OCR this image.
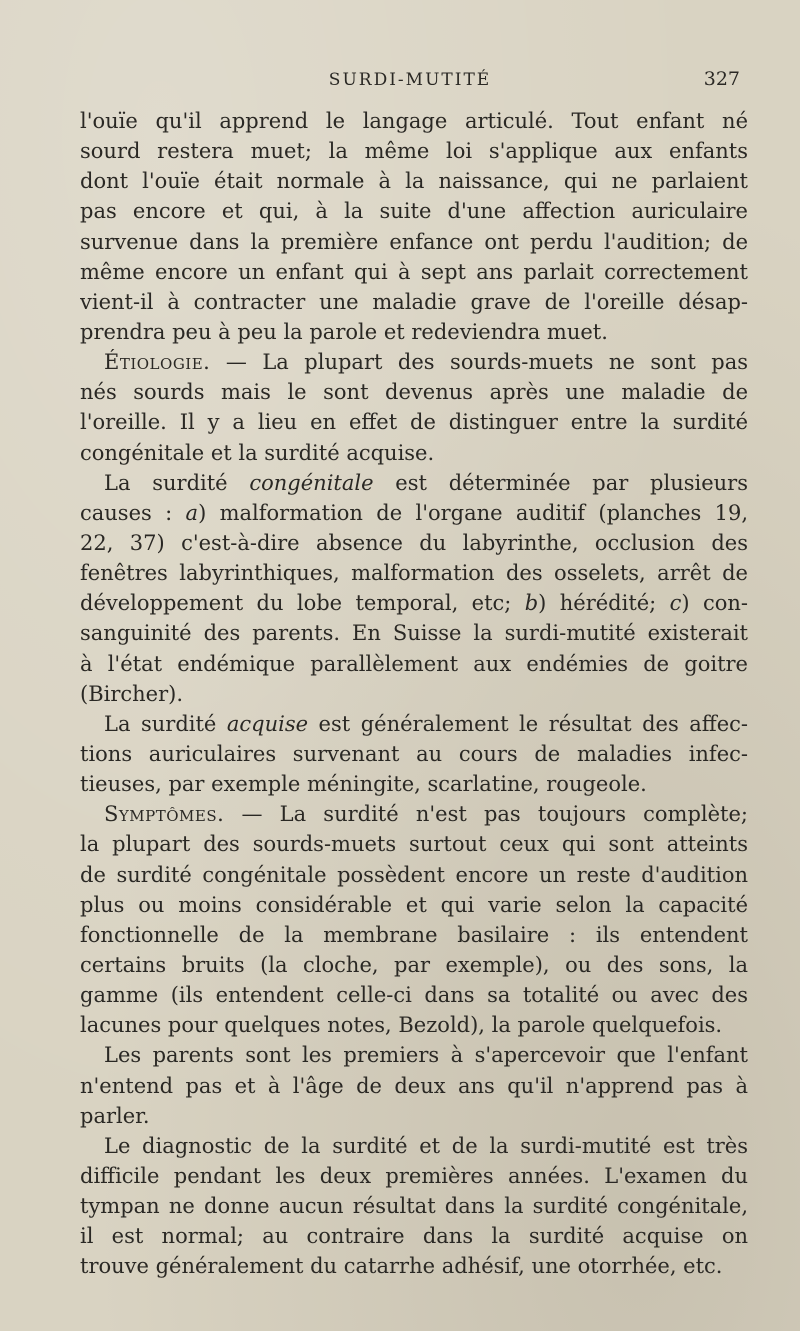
SURDI-MUTITÉ	327
l'ouïe qu'il apprend le langage articulé. Tout enfant né
sourd restera muet; la même loi s'applique aux enfants
dont l'ouïe était normale à la naissance, qui ne parlaient
pas encore et qui, à la suite d'une affection auriculaire
survenue dans la première enfance ont perdu l'audition; de
même encore un enfant qui à sept ans parlait correctement
vient-il à contracter une maladie grave de l'oreille désap-
prendra peu à peu la parole et redeviendra muet.
Étiologie. — La plupart des sourds-muets ne sont pas
nés sourds mais le sont devenus après une maladie de
l'oreille. Il y a lieu en effet de distinguer entre la surdité
congénitale et la surdité acquise.
La surdité congénitale est déterminée par plusieurs
causes : a) malformation de l'organe auditif (planches 19,
22, 37) c'est-à-dire absence du labyrinthe, occlusion des
fenêtres labyrinthiques, malformation des osselets, arrêt de
développement du lobe temporal, etc; b) hérédité; c) con-
sanguinité des parents. En Suisse la surdi-mutité existerait
à l'état endémique parallèlement aux endémies de goitre
(Bircher).
La surdité acquise est généralement le résultat des affec-
tions auriculaires survenant au cours de maladies infec-
tieuses, par exemple méningite, scarlatine, rougeole.
Symptômes. — La surdité n'est pas toujours complète;
la plupart des sourds-muets surtout ceux qui sont atteints
de surdité congénitale possèdent encore un reste d'audition
plus ou moins considérable et qui varie selon la capacité
fonctionnelle de la membrane basilaire : ils entendent
certains bruits (la cloche, par exemple), ou des sons, la
gamme (ils entendent celle-ci dans sa totalité ou avec des
lacunes pour quelques notes, Bezold), la parole quelquefois.
Les parents sont les premiers à s'apercevoir que l'enfant
n'entend pas et à l'âge de deux ans qu'il n'apprend pas à
parler.
Le diagnostic de la surdité et de la surdi-mutité est très
difficile pendant les deux premières années. L'examen du
tympan ne donne aucun résultat dans la surdité congénitale,
il est normal; au contraire dans la surdité acquise on
trouve généralement du catarrhe adhésif, une otorrhée, etc.
